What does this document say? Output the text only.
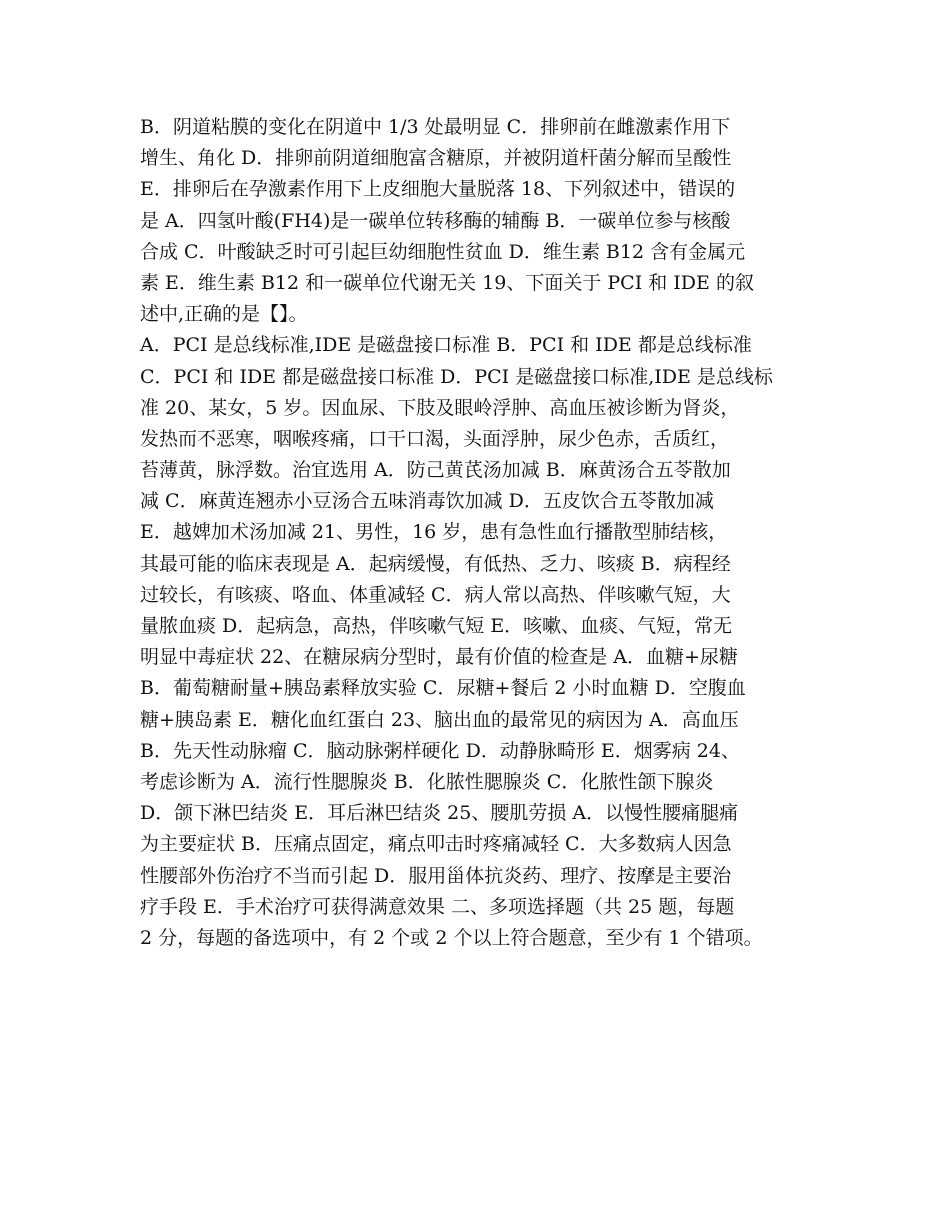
B．阴道粘膜的变化在阴道中 1/3 处最明显 C．排卵前在雌激素作用下
增生、角化 D．排卵前阴道细胞富含糖原，并被阴道杆菌分解而呈酸性
E．排卵后在孕激素作用下上皮细胞大量脱落 18、下列叙述中，错误的
是 A．四氢叶酸(FH4)是一碳单位转移酶的辅酶 B．一碳单位参与核酸
合成 C．叶酸缺乏时可引起巨幼细胞性贫血 D．维生素 B12 含有金属元
素 E．维生素 B12 和一碳单位代谢无关 19、下面关于 PCI 和 IDE 的叙
述中,正确的是【】。
A．PCI 是总线标准,IDE 是磁盘接口标准 B．PCI 和 IDE 都是总线标准
C．PCI 和 IDE 都是磁盘接口标准 D．PCI 是磁盘接口标准,IDE 是总线标
准 20、某女，5 岁。因血尿、下肢及眼岭浮肿、高血压被诊断为肾炎，
发热而不恶寒，咽喉疼痛，口干口渴，头面浮肿，尿少色赤，舌质红，
苔薄黄，脉浮数。治宜选用 A．防己黄芪汤加减 B．麻黄汤合五苓散加
减 C．麻黄连翘赤小豆汤合五味消毒饮加减 D．五皮饮合五苓散加减
E．越婢加术汤加减 21、男性，16 岁，患有急性血行播散型肺结核，
其最可能的临床表现是 A．起病缓慢，有低热、乏力、咳痰 B．病程经
过较长，有咳痰、咯血、体重减轻 C．病人常以高热、伴咳嗽气短，大
量脓血痰 D．起病急，高热，伴咳嗽气短 E．咳嗽、血痰、气短，常无
明显中毒症状 22、在糖尿病分型时，最有价值的检查是 A．血糖+尿糖
B．葡萄糖耐量+胰岛素释放实验 C．尿糖+餐后 2 小时血糖 D．空腹血
糖+胰岛素 E．糖化血红蛋白 23、脑出血的最常见的病因为 A．高血压
B．先天性动脉瘤 C．脑动脉粥样硬化 D．动静脉畸形 E．烟雾病 24、
考虑诊断为 A．流行性腮腺炎 B．化脓性腮腺炎 C．化脓性颌下腺炎
D．颌下淋巴结炎 E．耳后淋巴结炎 25、腰肌劳损 A．以慢性腰痛腿痛
为主要症状 B．压痛点固定，痛点叩击时疼痛减轻 C．大多数病人因急
性腰部外伤治疗不当而引起 D．服用甾体抗炎药、理疗、按摩是主要治
疗手段 E．手术治疗可获得满意效果 二、多项选择题（共 25 题，每题
2 分，每题的备选项中，有 2 个或 2 个以上符合题意，至少有 1 个错项。
